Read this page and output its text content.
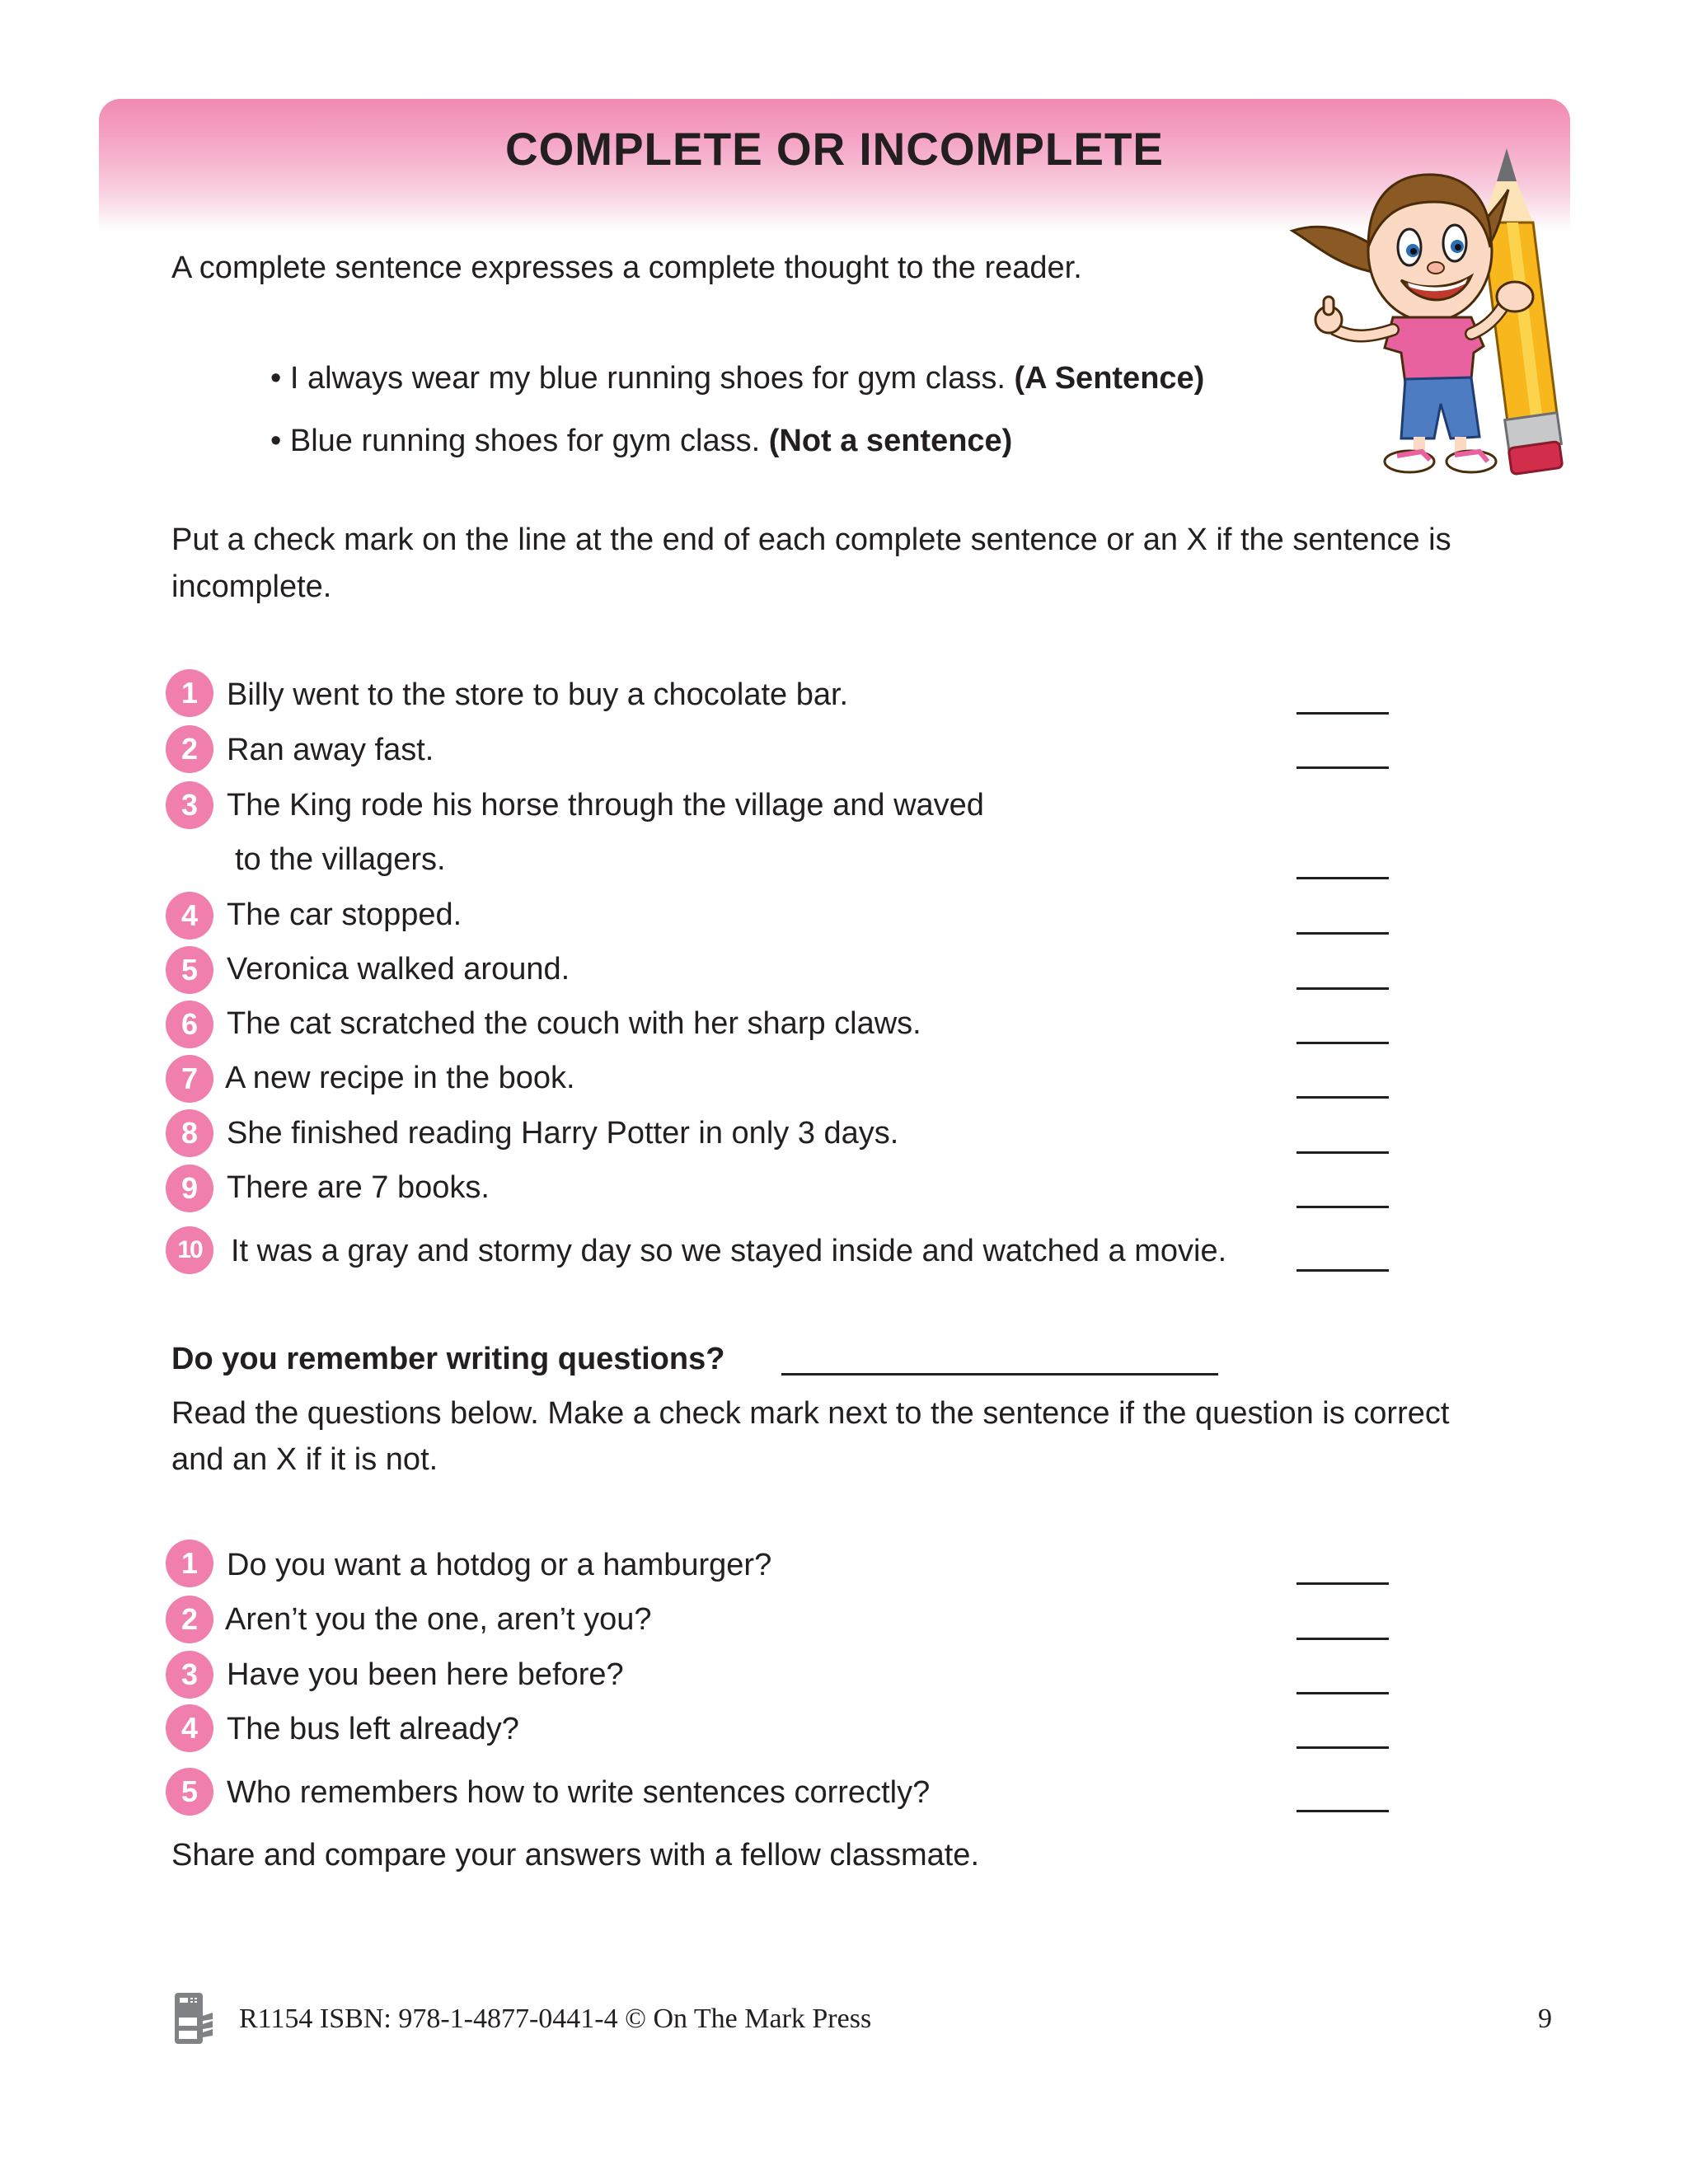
COMPLETE OR INCOMPLETE
A complete sentence expresses a complete thought to the reader.
• I always wear my blue running shoes for gym class. (A Sentence)
• Blue running shoes for gym class. (Not a sentence)
Put a check mark on the line at the end of each complete sentence or an X if the sentence is
incomplete.
1 Billy went to the store to buy a chocolate bar.
2 Ran away fast.
3 The King rode his horse through the village and waved
to the villagers.
4 The car stopped.
5 Veronica walked around.
6 The cat scratched the couch with her sharp claws.
7 A new recipe in the book.
8 She finished reading Harry Potter in only 3 days.
9 There are 7 books.
10 It was a gray and stormy day so we stayed inside and watched a movie.
Do you remember writing questions?
Read the questions below. Make a check mark next to the sentence if the question is correct
and an X if it is not.
1 Do you want a hotdog or a hamburger?
2 Aren’t you the one, aren’t you?
3 Have you been here before?
4 The bus left already?
5 Who remembers how to write sentences correctly?
Share and compare your answers with a fellow classmate.
R1154 ISBN: 978-1-4877-0441-4 © On The Mark Press	9
